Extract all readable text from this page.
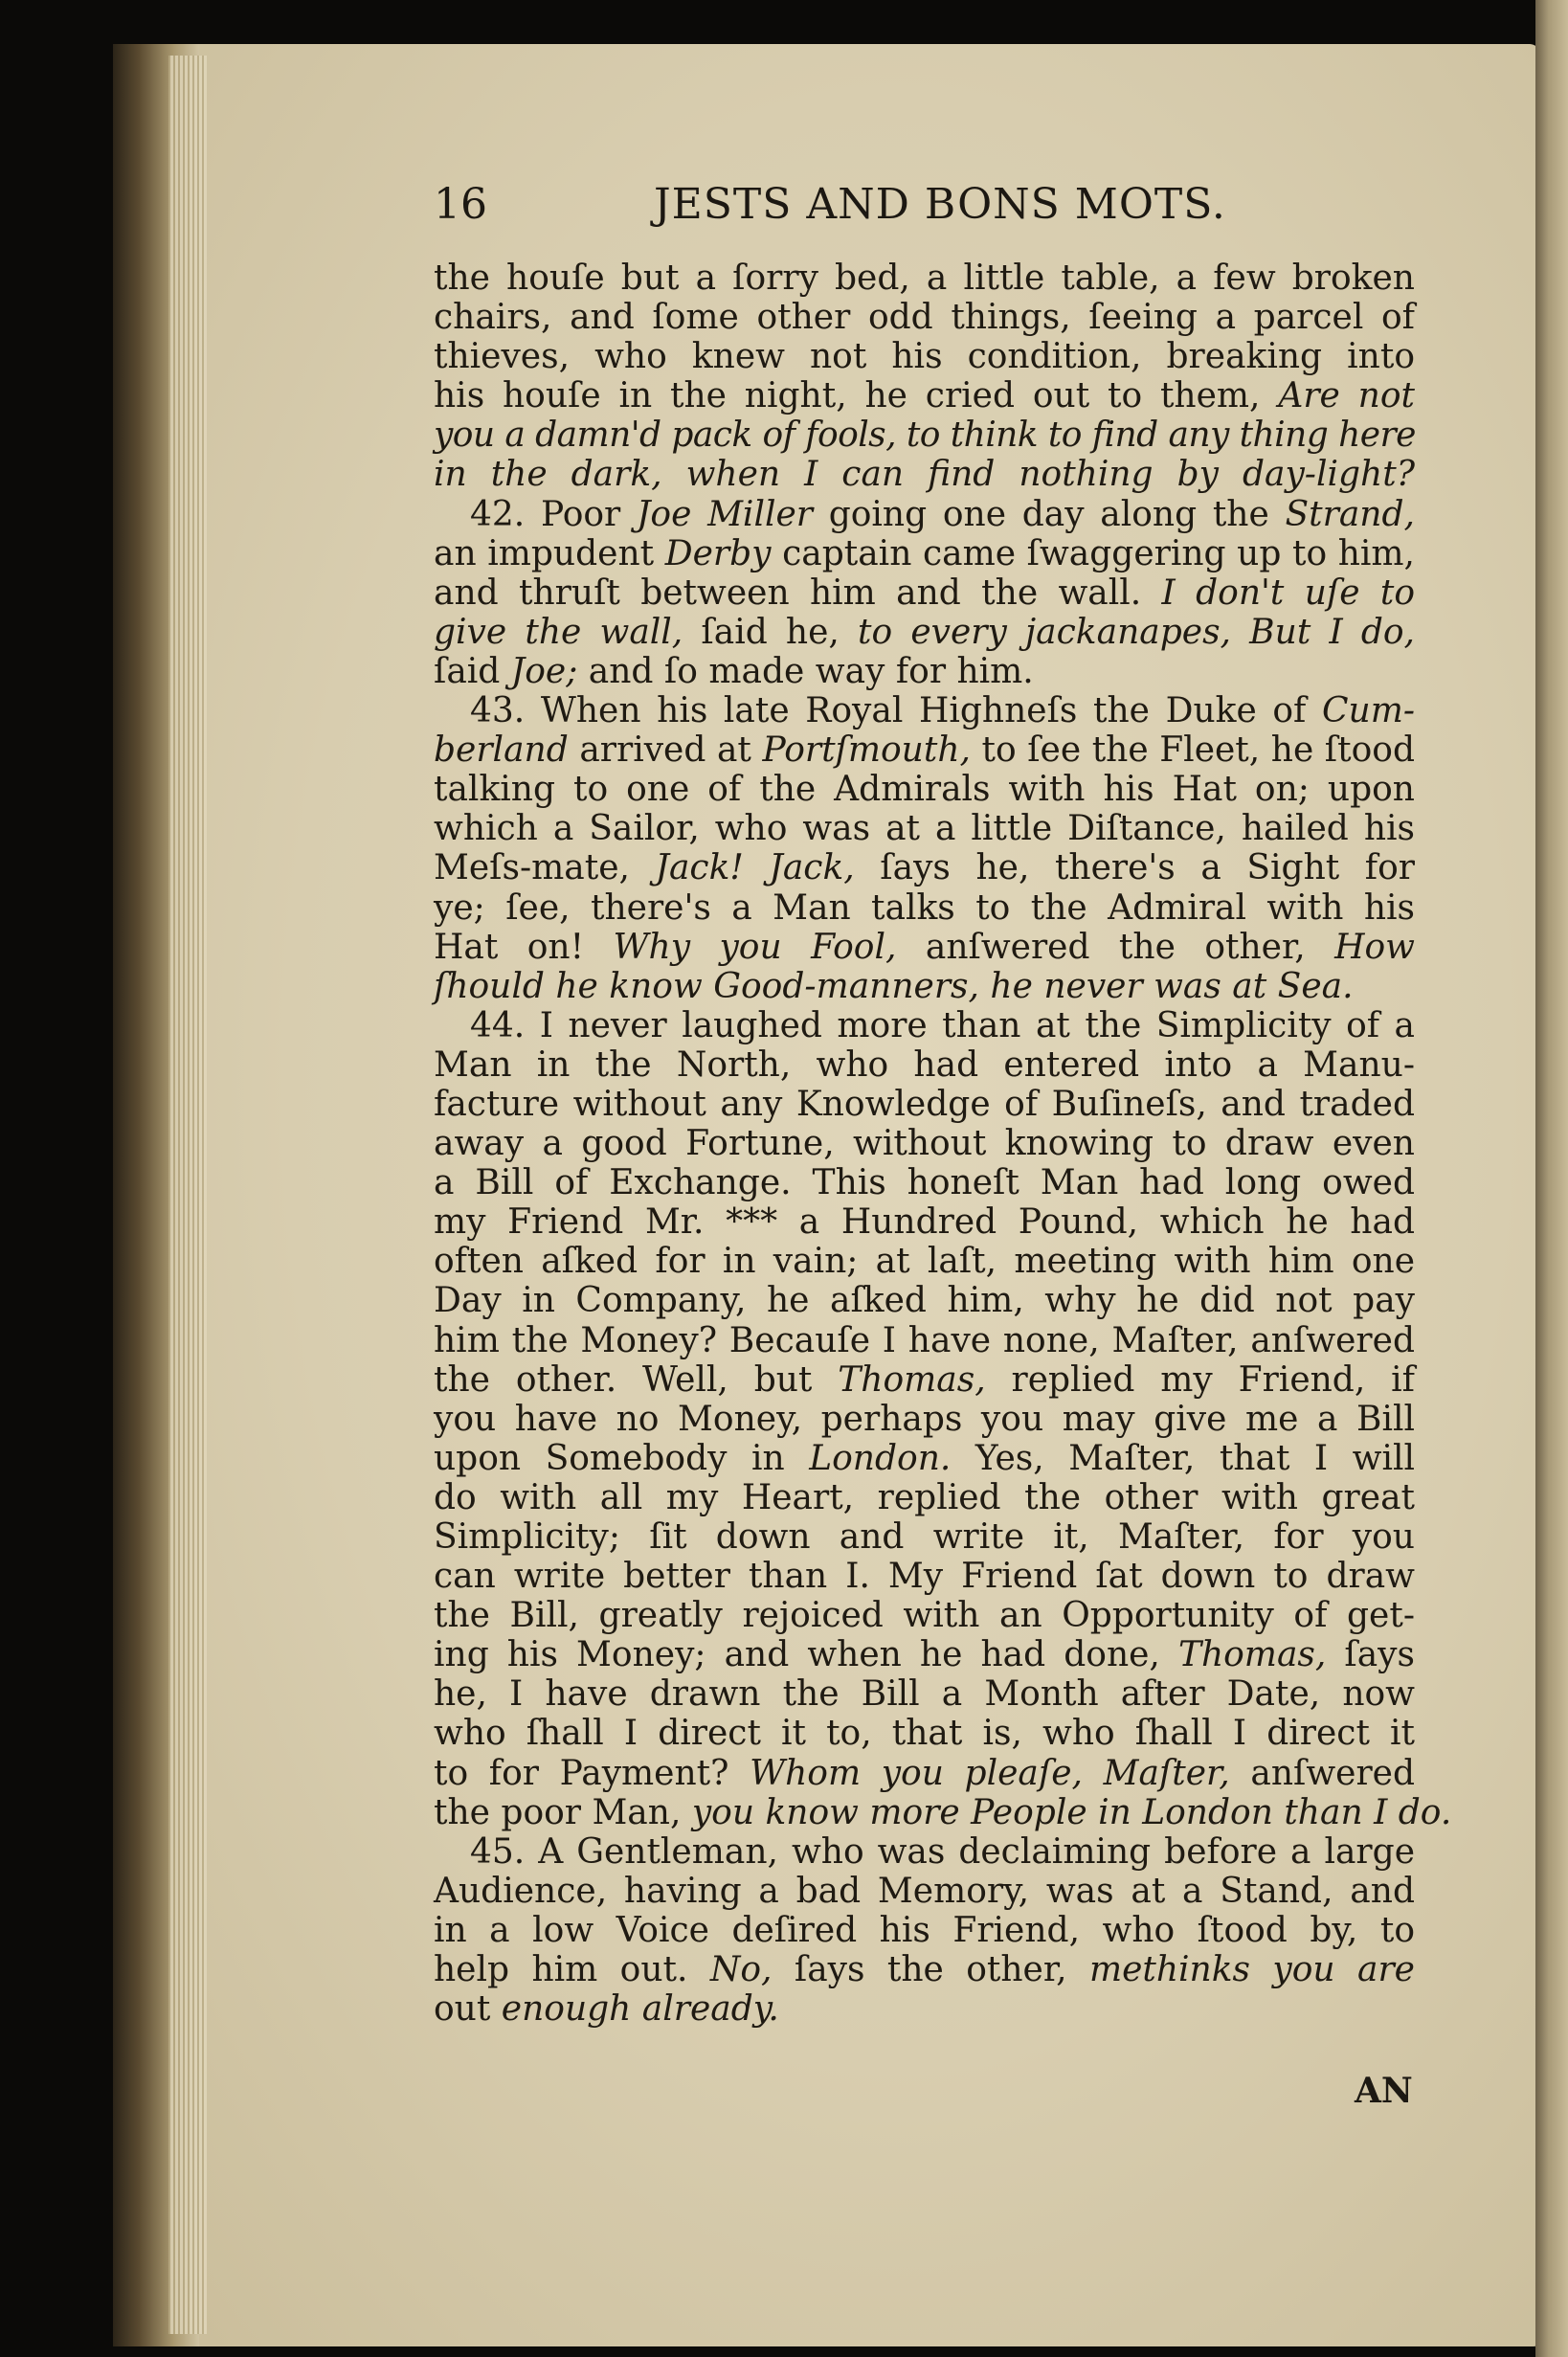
16	JESTS AND BONS MOTS.
the houſe but a ſorry bed, a little table, a few broken
chairs, and ſome other odd things, ſeeing a parcel of
thieves, who knew not his condition, breaking into
his houſe in the night, he cried out to them, Are not
you a damn'd pack of fools, to think to find any thing here
in the dark, when I can find nothing by day-light?
42. Poor Joe Miller going one day along the Strand,
an impudent Derby captain came ſwaggering up to him,
and thruſt between him and the wall. I don't uſe to
give the wall, ſaid he, to every jackanapes, But I do,
ſaid Joe; and ſo made way for him.
43. When his late Royal Highneſs the Duke of Cum-
berland arrived at Portſmouth, to ſee the Fleet, he ſtood
talking to one of the Admirals with his Hat on; upon
which a Sailor, who was at a little Diſtance, hailed his
Meſs-mate, Jack! Jack, ſays he, there's a Sight for
ye; ſee, there's a Man talks to the Admiral with his
Hat on! Why you Fool, anſwered the other, How
ſhould he know Good-manners, he never was at Sea.
44. I never laughed more than at the Simplicity of a
Man in the North, who had entered into a Manu-
facture without any Knowledge of Buſineſs, and traded
away a good Fortune, without knowing to draw even
a Bill of Exchange. This honeſt Man had long owed
my Friend Mr. *** a Hundred Pound, which he had
often aſked for in vain; at laſt, meeting with him one
Day in Company, he aſked him, why he did not pay
him the Money? Becauſe I have none, Maſter, anſwered
the other. Well, but Thomas, replied my Friend, if
you have no Money, perhaps you may give me a Bill
upon Somebody in London. Yes, Maſter, that I will
do with all my Heart, replied the other with great
Simplicity; ſit down and write it, Maſter, for you
can write better than I. My Friend ſat down to draw
the Bill, greatly rejoiced with an Opportunity of get-
ing his Money; and when he had done, Thomas, ſays
he, I have drawn the Bill a Month after Date, now
who ſhall I direct it to, that is, who ſhall I direct it
to for Payment? Whom you pleaſe, Maſter, anſwered
the poor Man, you know more People in London than I do.
45. A Gentleman, who was declaiming before a large
Audience, having a bad Memory, was at a Stand, and
in a low Voice deſired his Friend, who ſtood by, to
help him out. No, ſays the other, methinks you are
out enough already.
AN
